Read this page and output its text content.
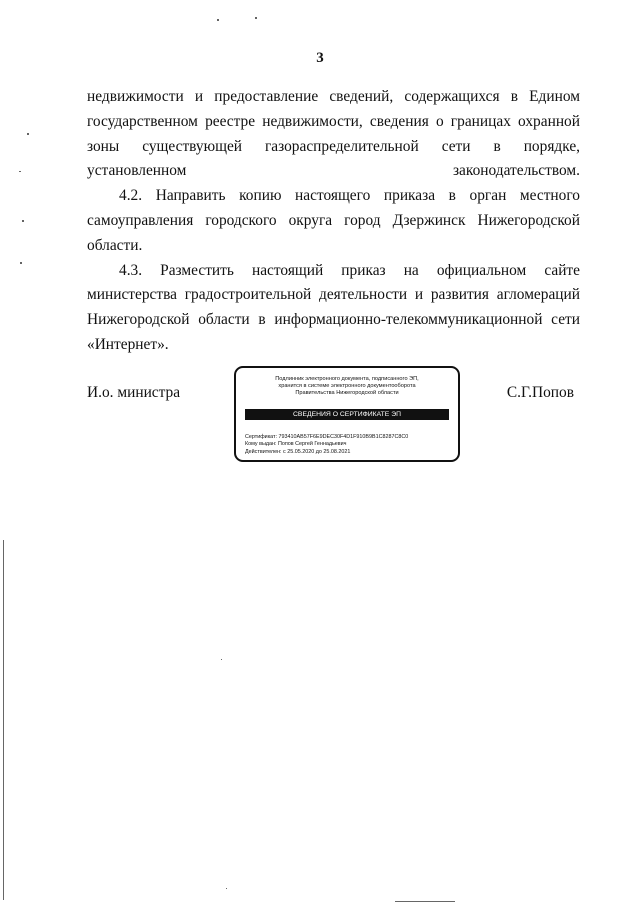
3

недвижимости и предоставление сведений, содержащихся в Едином государственном реестре недвижимости, сведения о границах охранной зоны существующей газораспределительной сети в порядке, установленном законодательством.

4.2. Направить копию настоящего приказа в орган местного самоуправления городского округа город Дзержинск Нижегородской области.

4.3. Разместить настоящий приказ на официальном сайте министерства градостроительной деятельности и развития агломераций Нижегородской области в информационно-телекоммуникационной сети «Интернет».

И.о. министра
Подлинник электронного документа, подписанного ЭП,
хранится в системе электронного документооборота
Правительства Нижегородской области
СВЕДЕНИЯ О СЕРТИФИКАТЕ ЭП
Сертификат: 793410AB57F6E9DEC30F4D1F910B9B1C8287C8C0
Кому выдан: Попов Сергей Геннадьевич
Действителен: с 25.05.2020 до 25.08.2021
С.Г.Попов
